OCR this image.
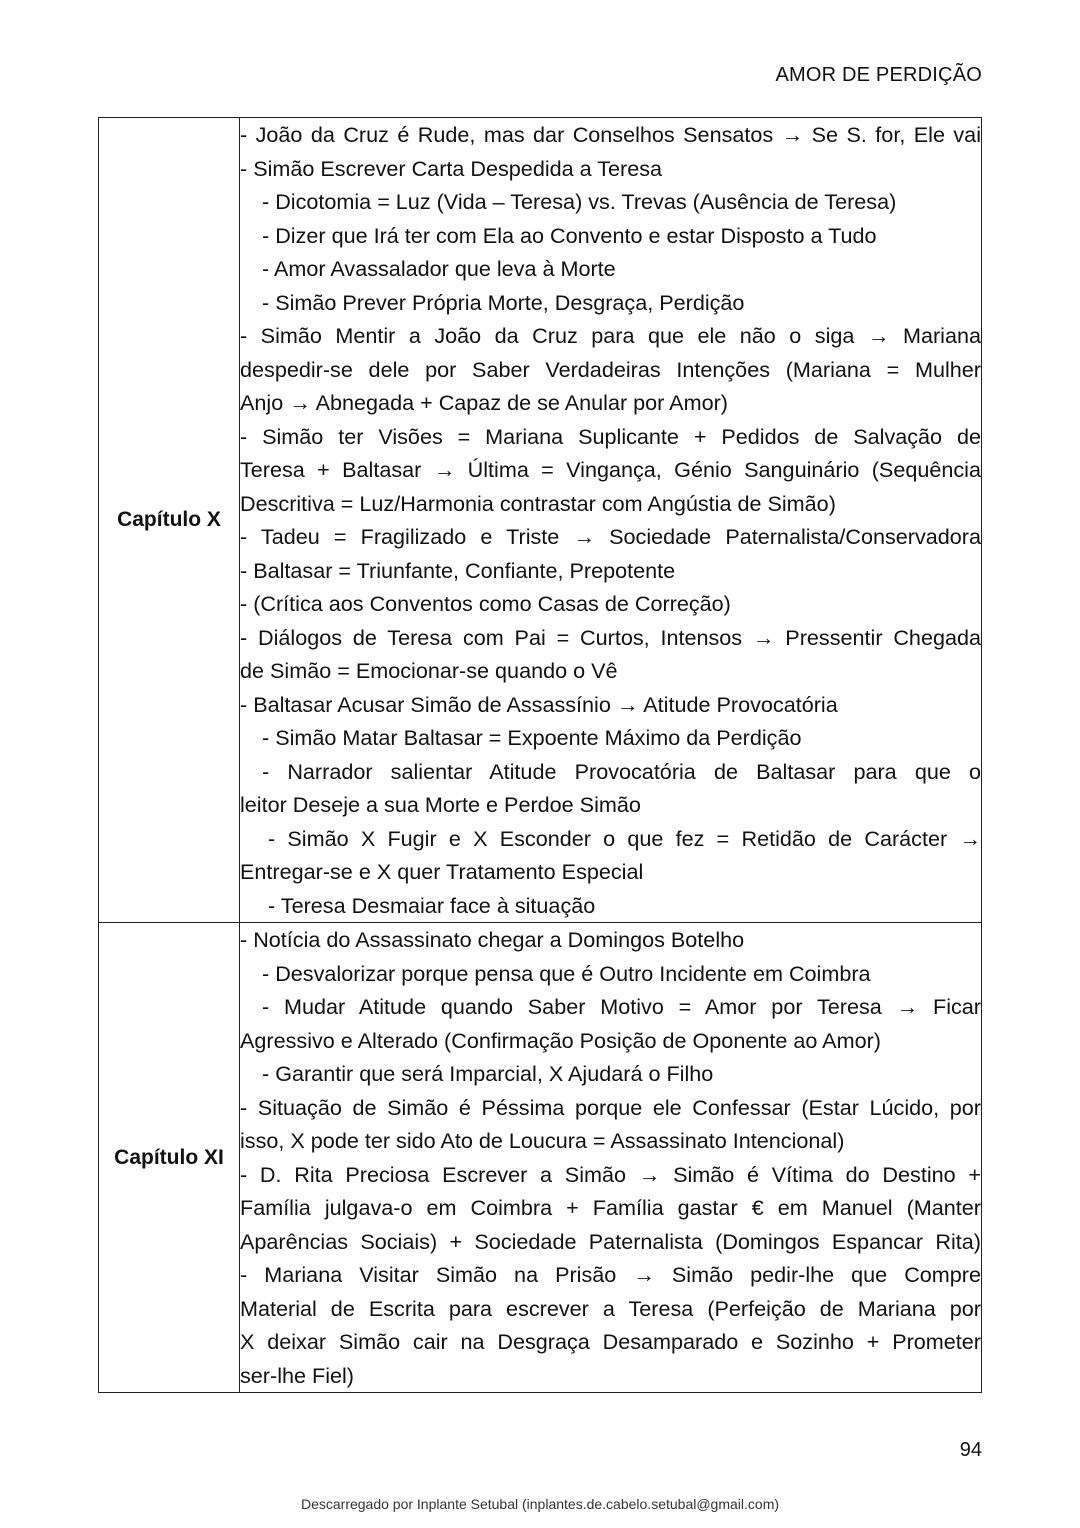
AMOR DE PERDIÇÃO
Capítulo X	
- João da Cruz é Rude, mas dar Conselhos Sensatos → Se S. for, Ele vai
- Simão Escrever Carta Despedida a Teresa
- Dicotomia = Luz (Vida – Teresa) vs. Trevas (Ausência de Teresa)
- Dizer que Irá ter com Ela ao Convento e estar Disposto a Tudo
- Amor Avassalador que leva à Morte
- Simão Prever Própria Morte, Desgraça, Perdição
- Simão Mentir a João da Cruz para que ele não o siga → Mariana
despedir-se dele por Saber Verdadeiras Intenções (Mariana = Mulher
Anjo → Abnegada + Capaz de se Anular por Amor)
- Simão ter Visões = Mariana Suplicante + Pedidos de Salvação de
Teresa + Baltasar → Última = Vingança, Génio Sanguinário (Sequência
Descritiva = Luz/Harmonia contrastar com Angústia de Simão)
- Tadeu = Fragilizado e Triste → Sociedade Paternalista/Conservadora
- Baltasar = Triunfante, Confiante, Prepotente
- (Crítica aos Conventos como Casas de Correção)
- Diálogos de Teresa com Pai = Curtos, Intensos → Pressentir Chegada
de Simão = Emocionar-se quando o Vê
- Baltasar Acusar Simão de Assassínio → Atitude Provocatória
- Simão Matar Baltasar = Expoente Máximo da Perdição
- Narrador salientar Atitude Provocatória de Baltasar para que o
leitor Deseje a sua Morte e Perdoe Simão
- Simão X Fugir e X Esconder o que fez = Retidão de Carácter →
Entregar-se e X quer Tratamento Especial
- Teresa Desmaiar face à situação

Capítulo XI	
- Notícia do Assassinato chegar a Domingos Botelho
- Desvalorizar porque pensa que é Outro Incidente em Coimbra
- Mudar Atitude quando Saber Motivo = Amor por Teresa → Ficar
Agressivo e Alterado (Confirmação Posição de Oponente ao Amor)
- Garantir que será Imparcial, X Ajudará o Filho
- Situação de Simão é Péssima porque ele Confessar (Estar Lúcido, por
isso, X pode ter sido Ato de Loucura = Assassinato Intencional)
- D. Rita Preciosa Escrever a Simão → Simão é Vítima do Destino +
Família julgava-o em Coimbra + Família gastar € em Manuel (Manter
Aparências Sociais) + Sociedade Paternalista (Domingos Espancar Rita)
- Mariana Visitar Simão na Prisão → Simão pedir-lhe que Compre
Material de Escrita para escrever a Teresa (Perfeição de Mariana por
X deixar Simão cair na Desgraça Desamparado e Sozinho + Prometer
ser-lhe Fiel)
94
Descarregado por Inplante Setubal (inplantes.de.cabelo.setubal@gmail.com)
